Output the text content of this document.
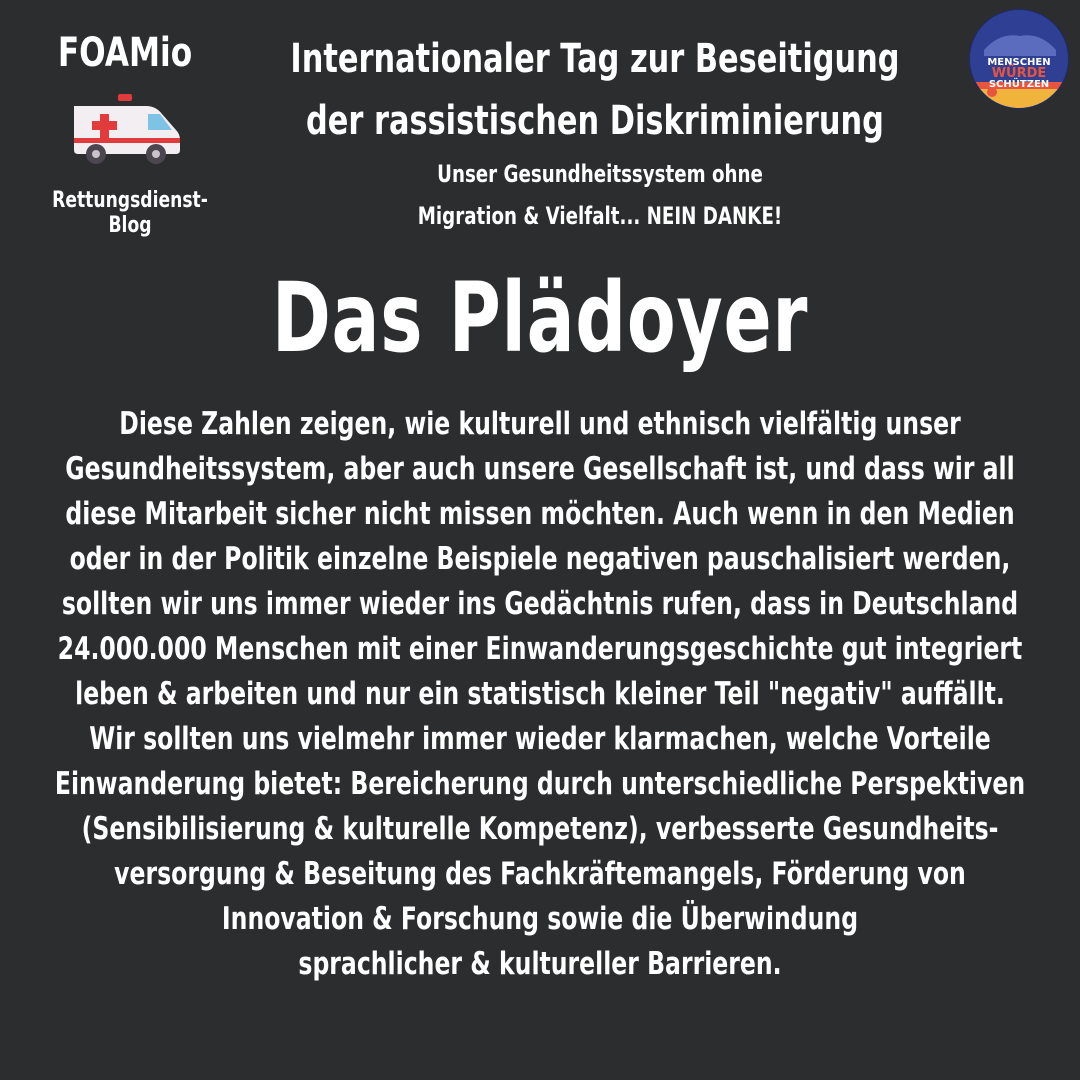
FOAMio
Rettungsdienst-Blog
Internationaler Tag zur Beseitigung
der rassistischen Diskriminierung
Unser Gesundheitssystem ohne
Migration & Vielfalt... NEIN DANKE!
MENSCHEN
WÜRDE
SCHÜTZEN
Das Plädoyer
Diese Zahlen zeigen, wie kulturell und ethnisch vielfältig unser
Gesundheitssystem, aber auch unsere Gesellschaft ist, und dass wir all
diese Mitarbeit sicher nicht missen möchten. Auch wenn in den Medien
oder in der Politik einzelne Beispiele negativen pauschalisiert werden,
sollten wir uns immer wieder ins Gedächtnis rufen, dass in Deutschland
24.000.000 Menschen mit einer Einwanderungsgeschichte gut integriert
leben & arbeiten und nur ein statistisch kleiner Teil "negativ" auffällt.
Wir sollten uns vielmehr immer wieder klarmachen, welche Vorteile
Einwanderung bietet: Bereicherung durch unterschiedliche Perspektiven
(Sensibilisierung & kulturelle Kompetenz), verbesserte Gesundheits-
versorgung & Beseitung des Fachkräftemangels, Förderung von
Innovation & Forschung sowie die Überwindung
sprachlicher & kultureller Barrieren.
